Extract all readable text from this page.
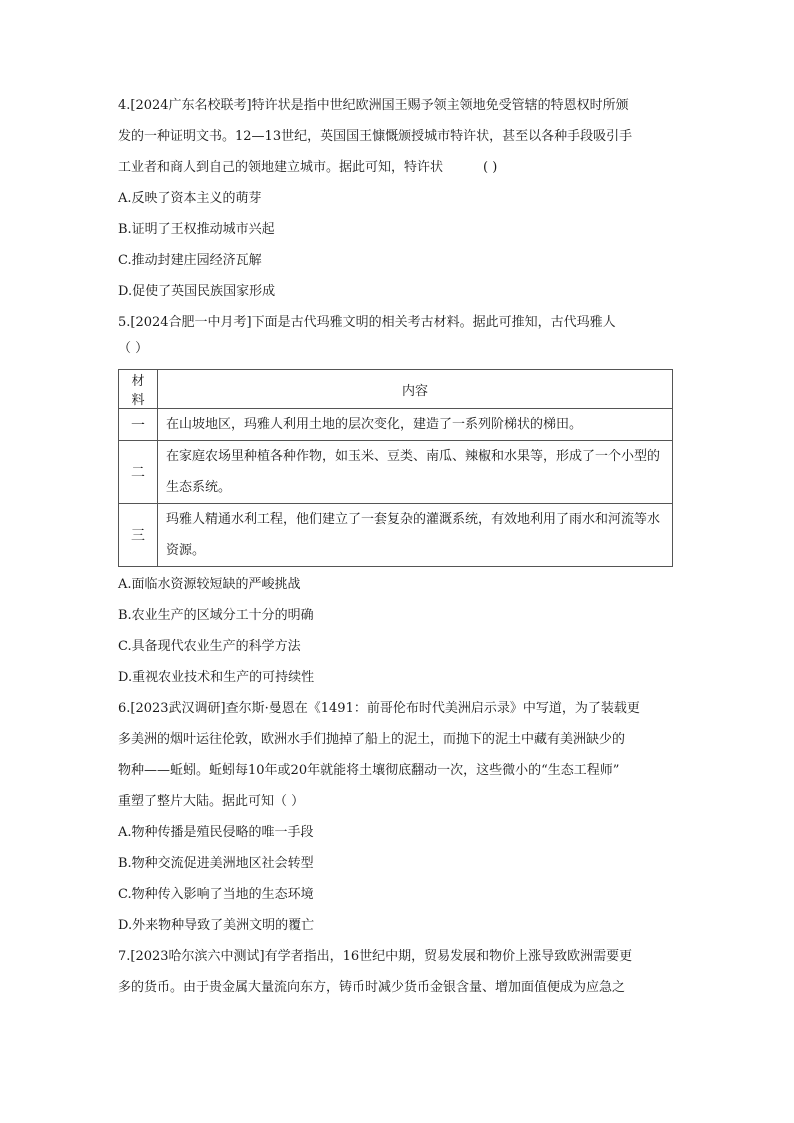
4.[2024广东名校联考]特许状是指中世纪欧洲国王赐予领主领地免受管辖的特恩权时所颁
发的一种证明文书。12—13世纪，英国国王慷慨颁授城市特许状，甚至以各种手段吸引手
工业者和商人到自己的领地建立城市。据此可知，特许状	( )
A.反映了资本主义的萌芽
B.证明了王权推动城市兴起
C.推动封建庄园经济瓦解
D.促使了英国民族国家形成
5.[2024合肥一中月考]下面是古代玛雅文明的相关考古材料。据此可推知，古代玛雅人
（ ）
材料	内容
一	在山坡地区，玛雅人利用土地的层次变化，建造了一系列阶梯状的梯田。
二	在家庭农场里种植各种作物，如玉米、豆类、南瓜、辣椒和水果等，形成了一个小型的生态系统。
三	玛雅人精通水利工程，他们建立了一套复杂的灌溉系统，有效地利用了雨水和河流等水资源。
A.面临水资源较短缺的严峻挑战
B.农业生产的区域分工十分的明确
C.具备现代农业生产的科学方法
D.重视农业技术和生产的可持续性
6.[2023武汉调研]查尔斯·曼恩在《1491：前哥伦布时代美洲启示录》中写道，为了装载更
多美洲的烟叶运往伦敦，欧洲水手们抛掉了船上的泥土，而抛下的泥土中藏有美洲缺少的
物种——蚯蚓。蚯蚓每10年或20年就能将土壤彻底翻动一次，这些微小的“生态工程师”
重塑了整片大陆。据此可知（ ）
A.物种传播是殖民侵略的唯一手段
B.物种交流促进美洲地区社会转型
C.物种传入影响了当地的生态环境
D.外来物种导致了美洲文明的覆亡
7.[2023哈尔滨六中测试]有学者指出，16世纪中期，贸易发展和物价上涨导致欧洲需要更
多的货币。由于贵金属大量流向东方，铸币时减少货币金银含量、增加面值便成为应急之
